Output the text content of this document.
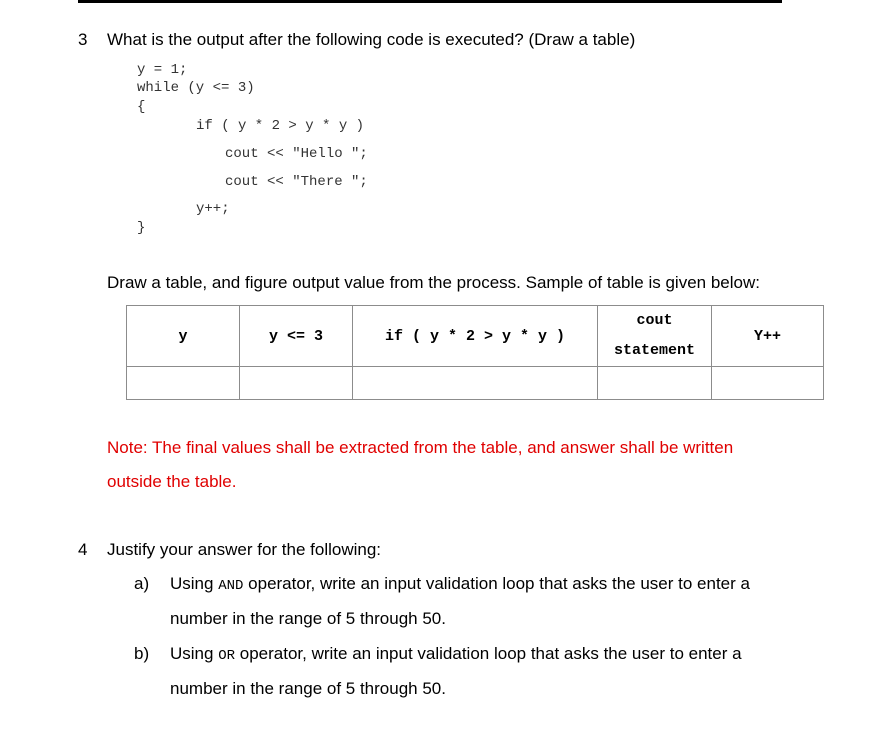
3 What is the output after the following code is executed? (Draw a table)
y = 1;
while (y <= 3)
{
if ( y * 2 > y * y )
cout << "Hello ";
cout << "There ";
y++;
}
Draw a table, and figure output value from the process. Sample of table is given below:
y	y <= 3	if ( y * 2 > y * y )	cout statement	Y++

Note: The final values shall be extracted from the table, and answer shall be written
outside the table.
4 Justify your answer for the following:
a) Using AND operator, write an input validation loop that asks the user to enter a
number in the range of 5 through 50.
b) Using OR operator, write an input validation loop that asks the user to enter a
number in the range of 5 through 50.
